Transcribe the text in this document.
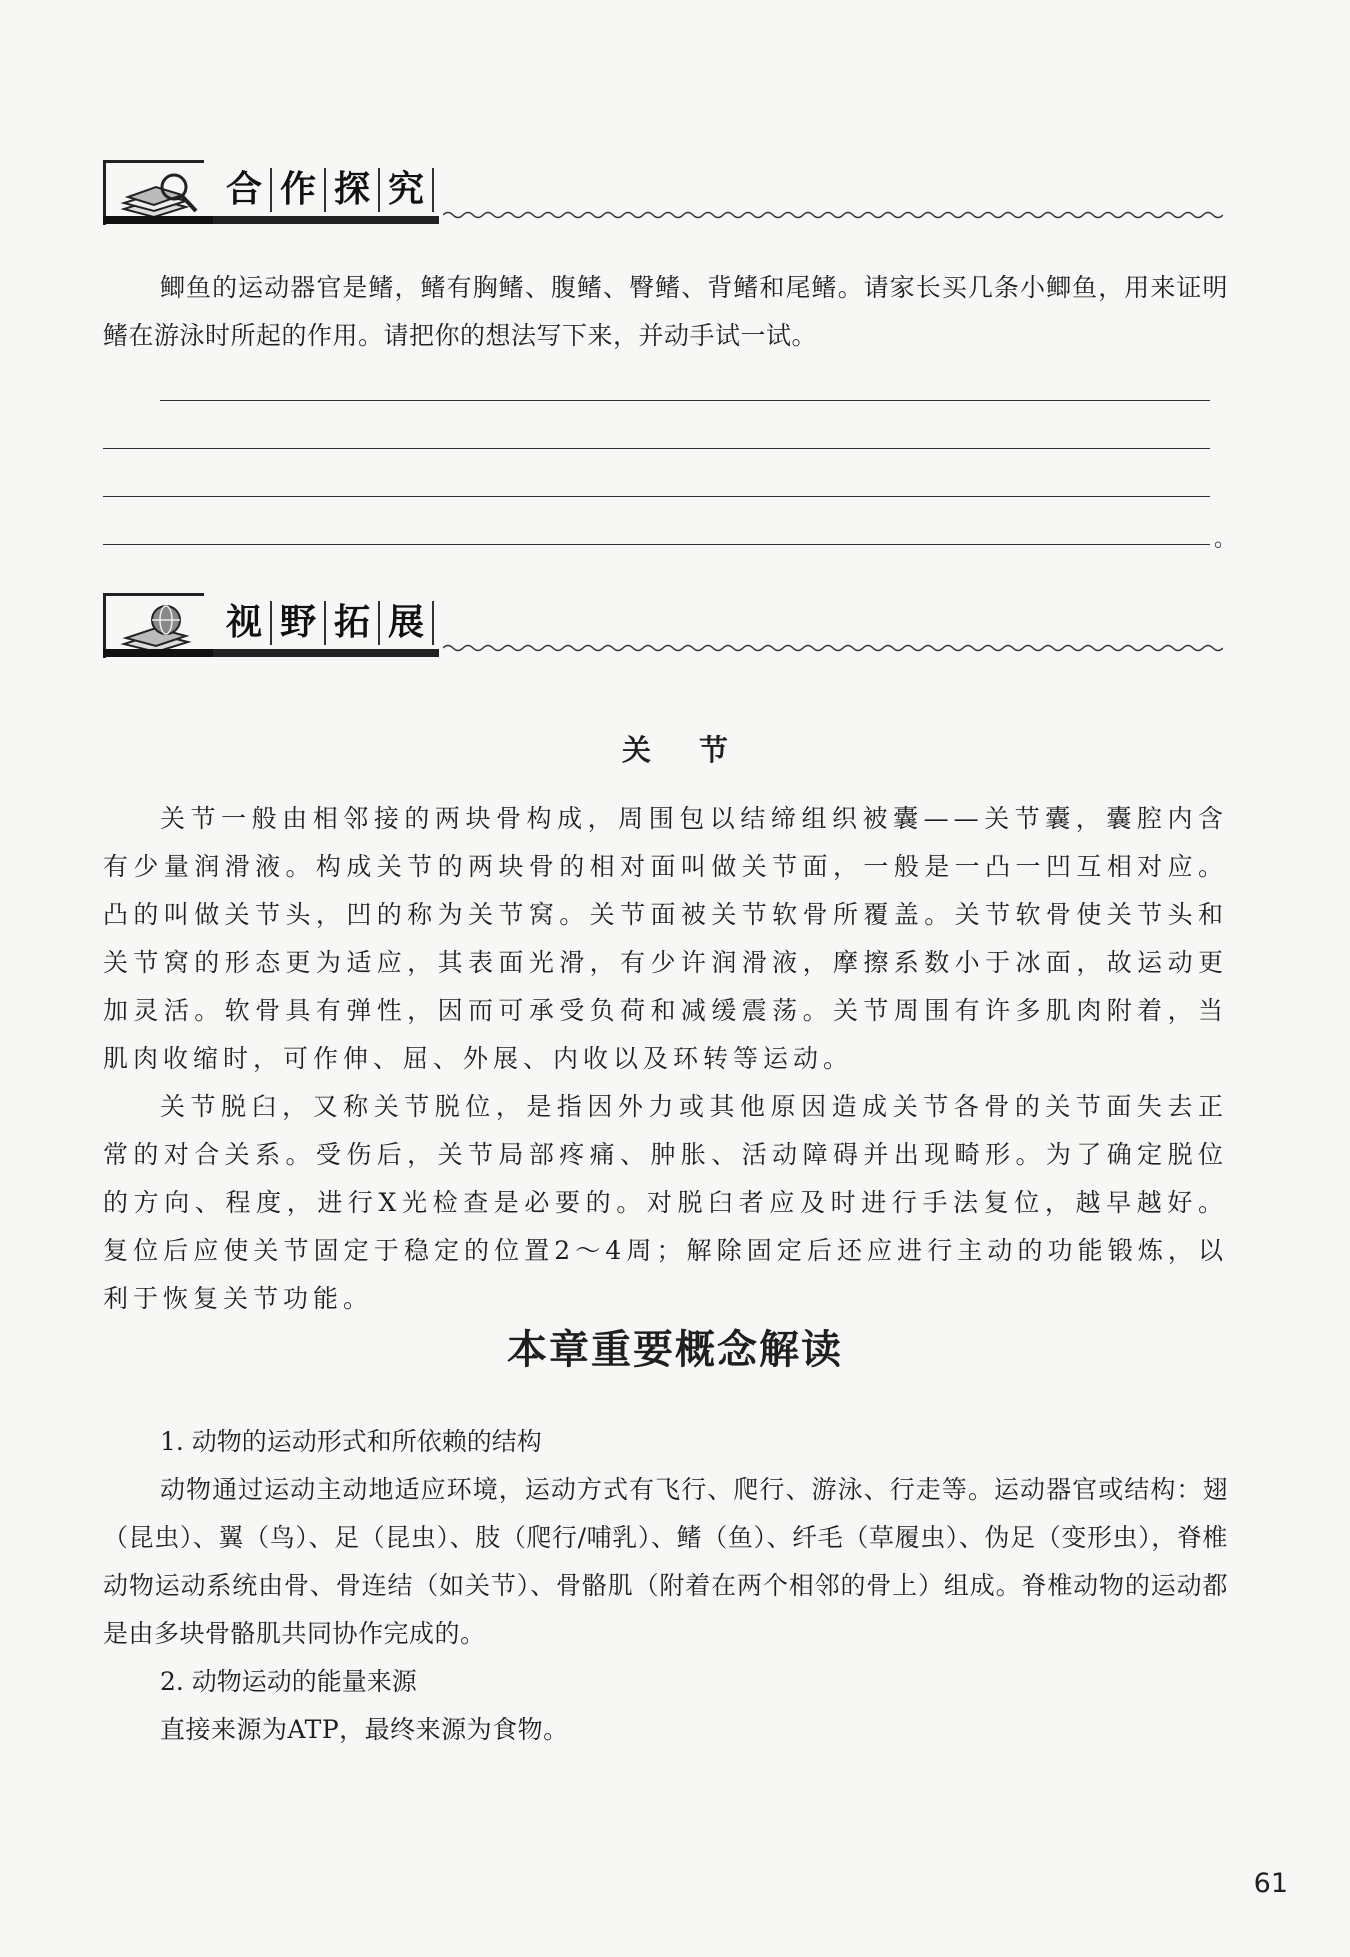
合 作 探 究

鲫鱼的运动器官是鳍，鳍有胸鳍、腹鳍、臀鳍、背鳍和尾鳍。请家长买几条小鲫鱼，用来证明鳍在游泳时所起的作用。请把你的想法写下来，并动手试一试。

。
视 野 拓 展
关节

关节一般由相邻接的两块骨构成，周围包以结缔组织被囊——关节囊，囊腔内含有少量润滑液。构成关节的两块骨的相对面叫做关节面，一般是一凸一凹互相对应。凸的叫做关节头，凹的称为关节窝。关节面被关节软骨所覆盖。关节软骨使关节头和关节窝的形态更为适应，其表面光滑，有少许润滑液，摩擦系数小于冰面，故运动更加灵活。软骨具有弹性，因而可承受负荷和减缓震荡。关节周围有许多肌肉附着，当肌肉收缩时，可作伸、屈、外展、内收以及环转等运动。

关节脱臼，又称关节脱位，是指因外力或其他原因造成关节各骨的关节面失去正常的对合关系。受伤后，关节局部疼痛、肿胀、活动障碍并出现畸形。为了确定脱位的方向、程度，进行X光检查是必要的。对脱臼者应及时进行手法复位，越早越好。复位后应使关节固定于稳定的位置2～4周；解除固定后还应进行主动的功能锻炼，以利于恢复关节功能。

本章重要概念解读
1. 动物的运动形式和所依赖的结构

动物通过运动主动地适应环境，运动方式有飞行、爬行、游泳、行走等。运动器官或结构：翅（昆虫）、翼（鸟）、足（昆虫）、肢（爬行/哺乳）、鳍（鱼）、纤毛（草履虫）、伪足（变形虫），脊椎动物运动系统由骨、骨连结（如关节）、骨骼肌（附着在两个相邻的骨上）组成。脊椎动物的运动都是由多块骨骼肌共同协作完成的。

2. 动物运动的能量来源

直接来源为ATP，最终来源为食物。

61
